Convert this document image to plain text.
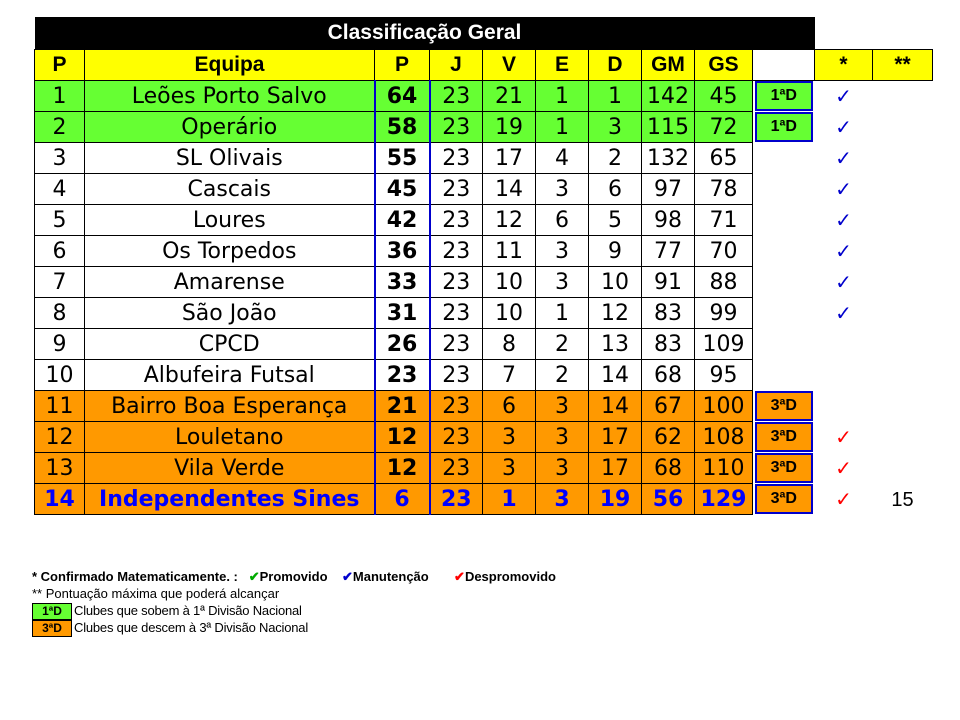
Classificação Geral											
P	Equipa	P	J	V	E	D	GM	GS		*	**
1	Leões Porto Salvo	64	23	21	1	1	142	45	1ªD	✓	
2	Operário	58	23	19	1	3	115	72	1ªD	✓	
3	SL Olivais	55	23	17	4	2	132	65		✓	
4	Cascais	45	23	14	3	6	97	78		✓	
5	Loures	42	23	12	6	5	98	71		✓	
6	Os Torpedos	36	23	11	3	9	77	70		✓	
7	Amarense	33	23	10	3	10	91	88		✓	
8	São João	31	23	10	1	12	83	99		✓	
9	CPCD	26	23	8	2	13	83	109			
10	Albufeira Futsal	23	23	7	2	14	68	95			
11	Bairro Boa Esperança	21	23	6	3	14	67	100	3ªD		
12	Louletano	12	23	3	3	17	62	108	3ªD	✓	
13	Vila Verde	12	23	3	3	17	68	110	3ªD	✓	
14	Independentes Sines	6	23	1	3	19	56	129	3ªD	✓	15
* Confirmado Matematicamente. : ✔Promovido ✔Manutenção ✔Despromovido
** Pontuação máxima que poderá alcançar
1ªD Clubes que sobem à 1ª Divisão Nacional
3ªD Clubes que descem à 3ª Divisão Nacional
